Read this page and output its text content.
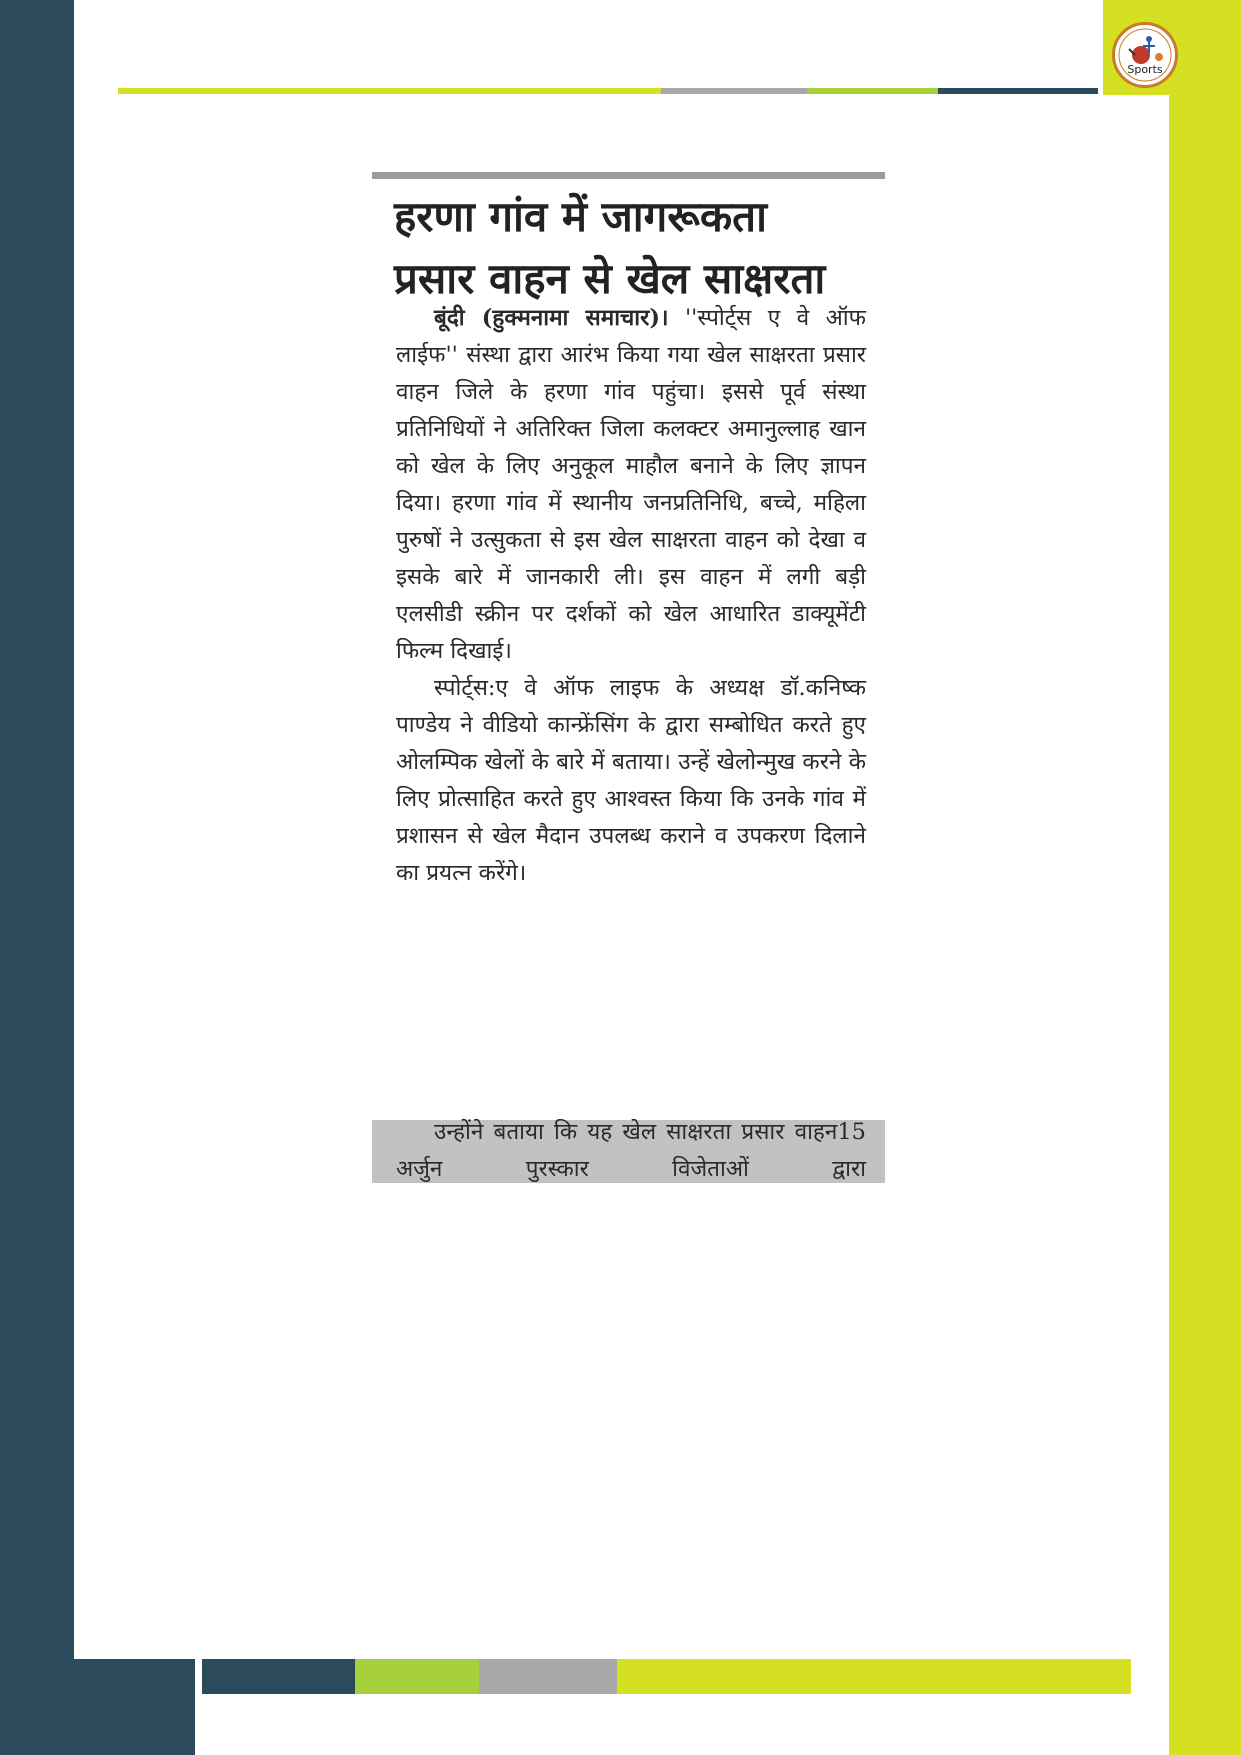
Sports
हरणा गांव में जागरूकता
प्रसार वाहन से खेल साक्षरता

बूंदी (हुक्मनामा समाचार)। ''स्पोर्ट्स ए वे ऑफ लाईफ'' संस्था द्वारा आरंभ किया गया खेल साक्षरता प्रसार वाहन जिले के हरणा गांव पहुंचा। इससे पूर्व संस्था प्रतिनिधियों ने अतिरिक्त जिला कलक्टर अमानुल्लाह खान को खेल के लिए अनुकूल माहौल बनाने के लिए ज्ञापन दिया। हरणा गांव में स्थानीय जनप्रतिनिधि, बच्चे, महिला पुरुषों ने उत्सुकता से इस खेल साक्षरता वाहन को देखा व इसके बारे में जानकारी ली। इस वाहन में लगी बड़ी एलसीडी स्क्रीन पर दर्शकों को खेल आधारित डाक्यूमेंटी फिल्म दिखाई।

स्पोर्ट्स:ए वे ऑफ लाइफ के अध्यक्ष डॉ.कनिष्क पाण्डेय ने वीडियो कान्फ्रेंसिंग के द्वारा सम्बोधित करते हुए ओलम्पिक खेलों के बारे में बताया। उन्हें खेलोन्मुख करने के लिए प्रोत्साहित करते हुए आश्वस्त किया कि उनके गांव में प्रशासन से खेल मैदान उपलब्ध कराने व उपकरण दिलाने का प्रयत्न करेंगे।

उन्होंने बताया कि यह खेल साक्षरता प्रसार वाहन15 अर्जुन पुरस्कार विजेताओं द्वारा
